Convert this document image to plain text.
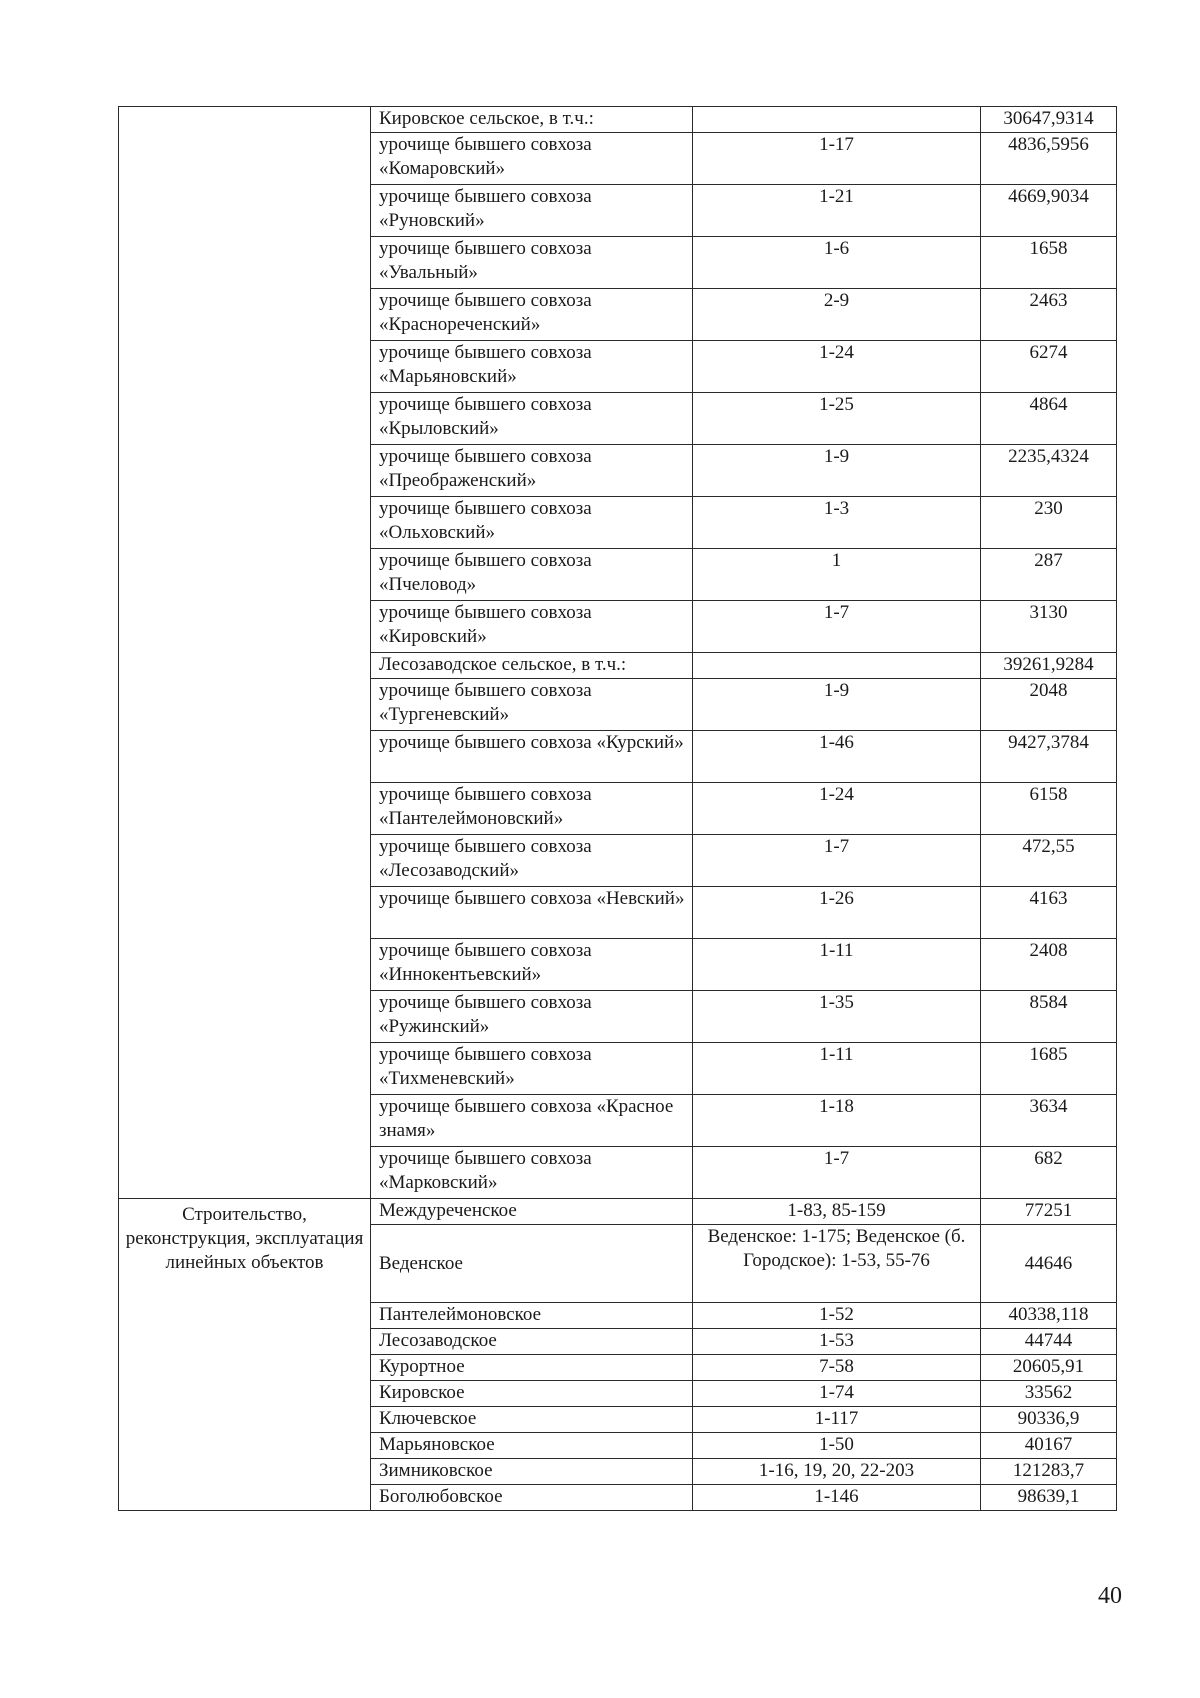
	Кировское сельское, в т.ч.:		30647,9314
	урочище бывшего совхоза «Комаровский»	1-17	4836,5956
	урочище бывшего совхоза «Руновский»	1-21	4669,9034
	урочище бывшего совхоза «Увальный»	1-6	1658
	урочище бывшего совхоза «Краснореченский»	2-9	2463
	урочище бывшего совхоза «Марьяновский»	1-24	6274
	урочище бывшего совхоза «Крыловский»	1-25	4864
	урочище бывшего совхоза «Преображенский»	1-9	2235,4324
	урочище бывшего совхоза «Ольховский»	1-3	230
	урочище бывшего совхоза «Пчеловод»	1	287
	урочище бывшего совхоза «Кировский»	1-7	3130
	Лесозаводское сельское, в т.ч.:		39261,9284
	урочище бывшего совхоза «Тургеневский»	1-9	2048
	урочище бывшего совхоза «Курский»	1-46	9427,3784
	урочище бывшего совхоза «Пантелеймоновский»	1-24	6158
	урочище бывшего совхоза «Лесозаводский»	1-7	472,55
	урочище бывшего совхоза «Невский»	1-26	4163
	урочище бывшего совхоза «Иннокентьевский»	1-11	2408
	урочище бывшего совхоза «Ружинский»	1-35	8584
	урочище бывшего совхоза «Тихменевский»	1-11	1685
	урочище бывшего совхоза «Красное знамя»	1-18	3634
	урочище бывшего совхоза «Марковский»	1-7	682
Строительство, реконструкция, эксплуатация линейных объектов	Междуреченское	1-83, 85-159	77251
	Веденское	Веденское: 1-175; Веденское (б. Городское): 1-53, 55-76	44646
	Пантелеймоновское	1-52	40338,118
	Лесозаводское	1-53	44744
	Курортное	7-58	20605,91
	Кировское	1-74	33562
	Ключевское	1-117	90336,9
	Марьяновское	1-50	40167
	Зимниковское	1-16, 19, 20, 22-203	121283,7
	Боголюбовское	1-146	98639,1
40
